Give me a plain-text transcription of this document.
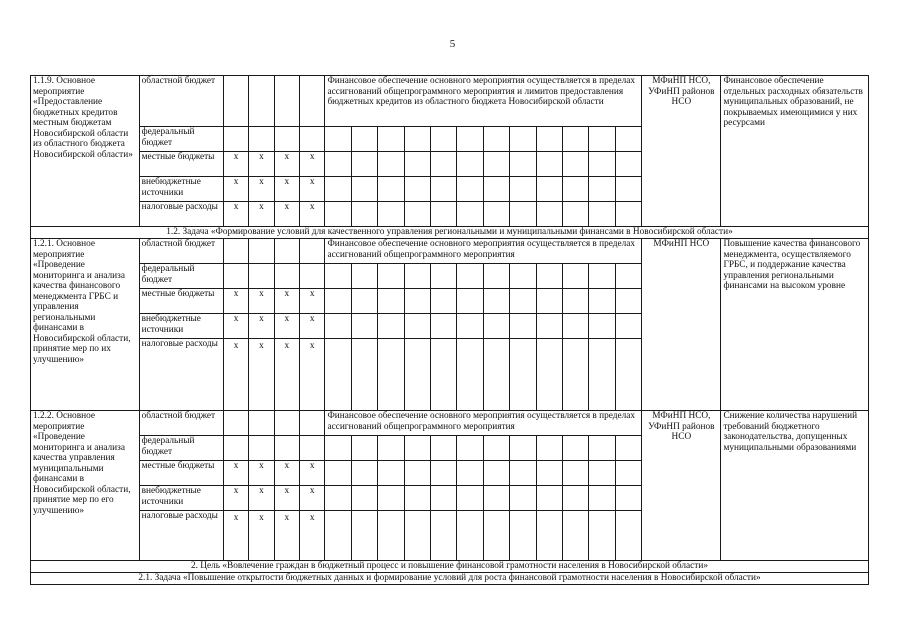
5
1.1.9. Основное мероприятие «Предоставление бюджетных кредитов местным бюджетам Новосибирской области из областного бюджета Новосибирской области»	областной бюджет					Финансовое обеспечение основного мероприятия осуществляется в пределах ассигнований общепрограммного мероприятия и лимитов предоставления бюджетных кредитов из областного бюджета Новосибирской области												МФиНП НСО, УФиНП районов НСО	Финансовое обеспечение отдельных расходных обязательств муниципальных образований, не покрываемых имеющимися у них ресурсами
	федеральный бюджет																		
	местные бюджеты	x	x	x	x														
	внебюджетные источники	x	x	x	x														
	налоговые расходы	x	x	x	x														
1.2. Задача «Формирование условий для качественного управления региональными и муниципальными финансами в Новосибирской области»																			
1.2.1. Основное мероприятие «Проведение мониторинга и анализа качества финансового менеджмента ГРБС и управления региональными финансами в Новосибирской области, принятие мер по их улучшению»	областной бюджет					Финансовое обеспечение основного мероприятия осуществляется в пределах ассигнований общепрограммного мероприятия												МФиНП НСО	Повышение качества финансового менеджмента, осуществляемого ГРБС, и поддержание качества управления региональными финансами на высоком уровне
	федеральный бюджет																		
	местные бюджеты	x	x	x	x														
	внебюджетные источники	x	x	x	x														
	налоговые расходы	x	x	x	x														
1.2.2. Основное мероприятие «Проведение мониторинга и анализа качества управления муниципальными финансами в Новосибирской области, принятие мер по его улучшению»	областной бюджет					Финансовое обеспечение основного мероприятия осуществляется в пределах ассигнований общепрограммного мероприятия												МФиНП НСО, УФиНП районов НСО	Снижение количества нарушений требований бюджетного законодательства, допущенных муниципальными образованиями
	федеральный бюджет																		
	местные бюджеты	x	x	x	x														
	внебюджетные источники	x	x	x	x														
	налоговые расходы	x	x	x	x														
2. Цель «Вовлечение граждан в бюджетный процесс и повышение финансовой грамотности населения в Новосибирской области»																			
2.1. Задача «Повышение открытости бюджетных данных и формирование условий для роста финансовой грамотности населения в Новосибирской области»																			
